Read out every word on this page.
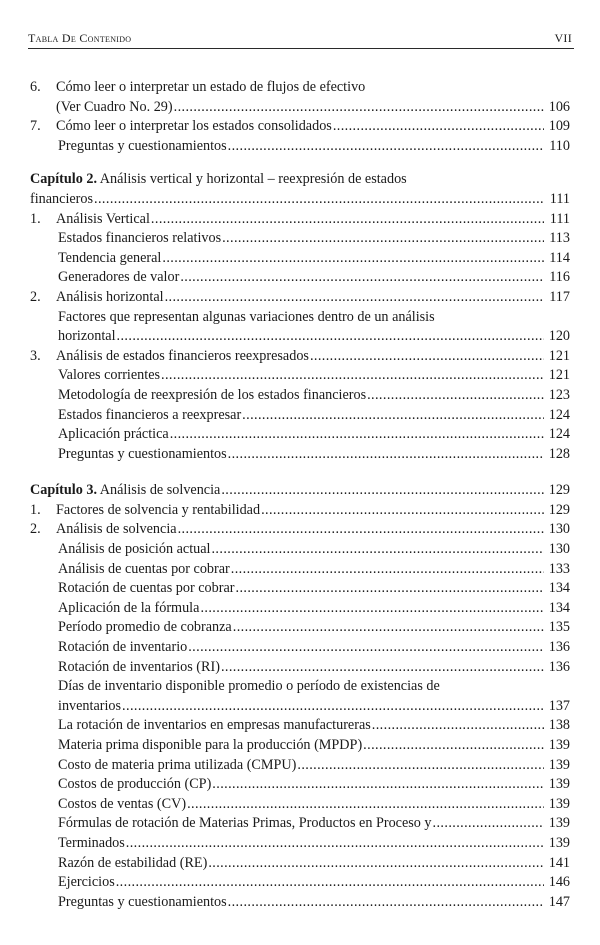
Tabla De Contenido	VII
6. Cómo leer o interpretar un estado de flujos de efectivo
(Ver Cuadro No. 29) .....	106
7. Cómo leer o interpretar los estados consolidados .....	109
Preguntas y cuestionamientos .....	110
Capítulo 2. Análisis vertical y horizontal – reexpresión de estados
financieros .....	111
1. Análisis Vertical .....	111
Estados financieros relativos .....	113
Tendencia general .....	114
Generadores de valor .....	116
2. Análisis horizontal .....	117
Factores que representan algunas variaciones dentro de un análisis
horizontal .....	120
3. Análisis de estados financieros reexpresados .....	121
Valores corrientes .....	121
Metodología de reexpresión de los estados financieros .....	123
Estados financieros a reexpresar .....	124
Aplicación práctica .....	124
Preguntas y cuestionamientos .....	128
Capítulo 3. Análisis de solvencia .....	129
1. Factores de solvencia y rentabilidad .....	129
2. Análisis de solvencia .....	130
Análisis de posición actual .....	130
Análisis de cuentas por cobrar .....	133
Rotación de cuentas por cobrar .....	134
Aplicación de la fórmula .....	134
Período promedio de cobranza .....	135
Rotación de inventario .....	136
Rotación de inventarios (RI) .....	136
Días de inventario disponible promedio o período de existencias de
inventarios .....	137
La rotación de inventarios en empresas manufactureras .....	138
Materia prima disponible para la producción (MPDP) .....	139
Costo de materia prima utilizada (CMPU) .....	139
Costos de producción (CP) .....	139
Costos de ventas (CV) .....	139
Fórmulas de rotación de Materias Primas, Productos en Proceso y .....	139
Terminados .....	139
Razón de estabilidad (RE) .....	141
Ejercicios .....	146
Preguntas y cuestionamientos .....	147
